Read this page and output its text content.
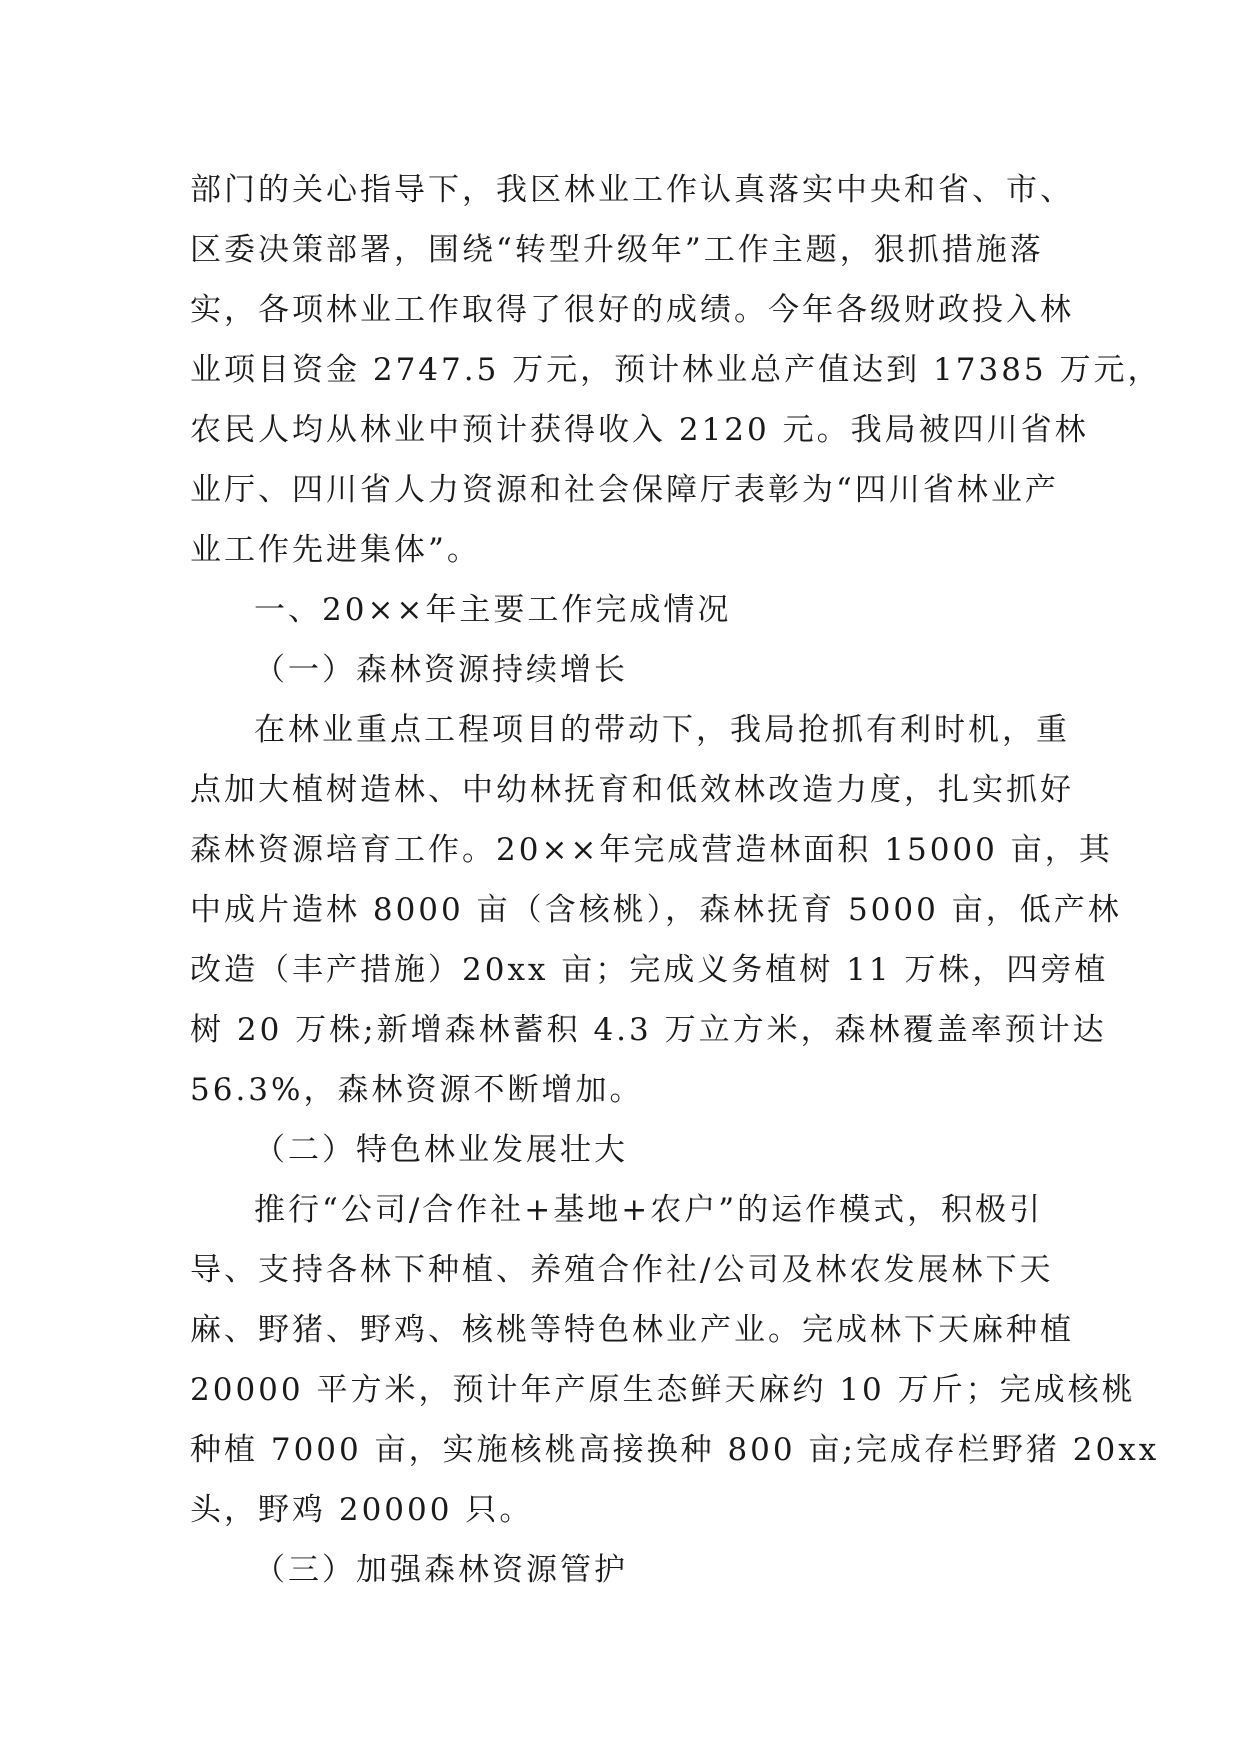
部门的关心指导下，我区林业工作认真落实中央和省、市、
区委决策部署，围绕“转型升级年”工作主题，狠抓措施落
实，各项林业工作取得了很好的成绩。今年各级财政投入林
业项目资金 2747.5 万元，预计林业总产值达到 17385 万元，
农民人均从林业中预计获得收入 2120 元。我局被四川省林
业厅、四川省人力资源和社会保障厅表彰为“四川省林业产
业工作先进集体”。
一、20××年主要工作完成情况
（一）森林资源持续增长
在林业重点工程项目的带动下，我局抢抓有利时机，重
点加大植树造林、中幼林抚育和低效林改造力度，扎实抓好
森林资源培育工作。20××年完成营造林面积 15000 亩，其
中成片造林 8000 亩（含核桃），森林抚育 5000 亩，低产林
改造（丰产措施）20xx 亩；完成义务植树 11 万株，四旁植
树 20 万株;新增森林蓄积 4.3 万立方米，森林覆盖率预计达
56.3%，森林资源不断增加。
（二）特色林业发展壮大
推行“公司/合作社+基地+农户”的运作模式，积极引
导、支持各林下种植、养殖合作社/公司及林农发展林下天
麻、野猪、野鸡、核桃等特色林业产业。完成林下天麻种植
20000 平方米，预计年产原生态鲜天麻约 10 万斤；完成核桃
种植 7000 亩，实施核桃高接换种 800 亩;完成存栏野猪 20xx
头，野鸡 20000 只。
（三）加强森林资源管护
